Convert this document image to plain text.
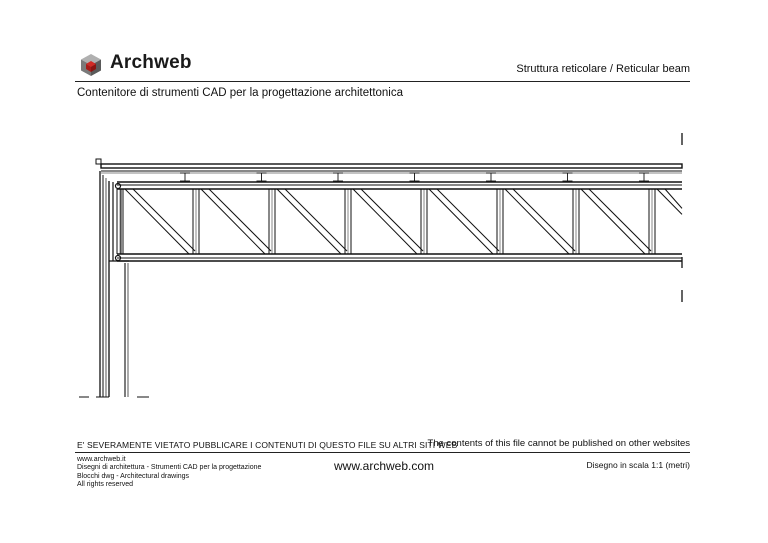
Archweb	Struttura reticolare / Reticular beam
Contenitore di strumenti CAD per la progettazione architettonica
E' SEVERAMENTE VIETATO PUBBLICARE I CONTENUTI DI QUESTO FILE SU ALTRI SITI WEB
The contents of this file cannot be published on other websites
www.archweb.it
Disegni di architettura - Strumenti CAD per la progettazione
Blocchi dwg - Architectural drawings
All rights reserved
www.archweb.com	Disegno in scala 1:1 (metri)
